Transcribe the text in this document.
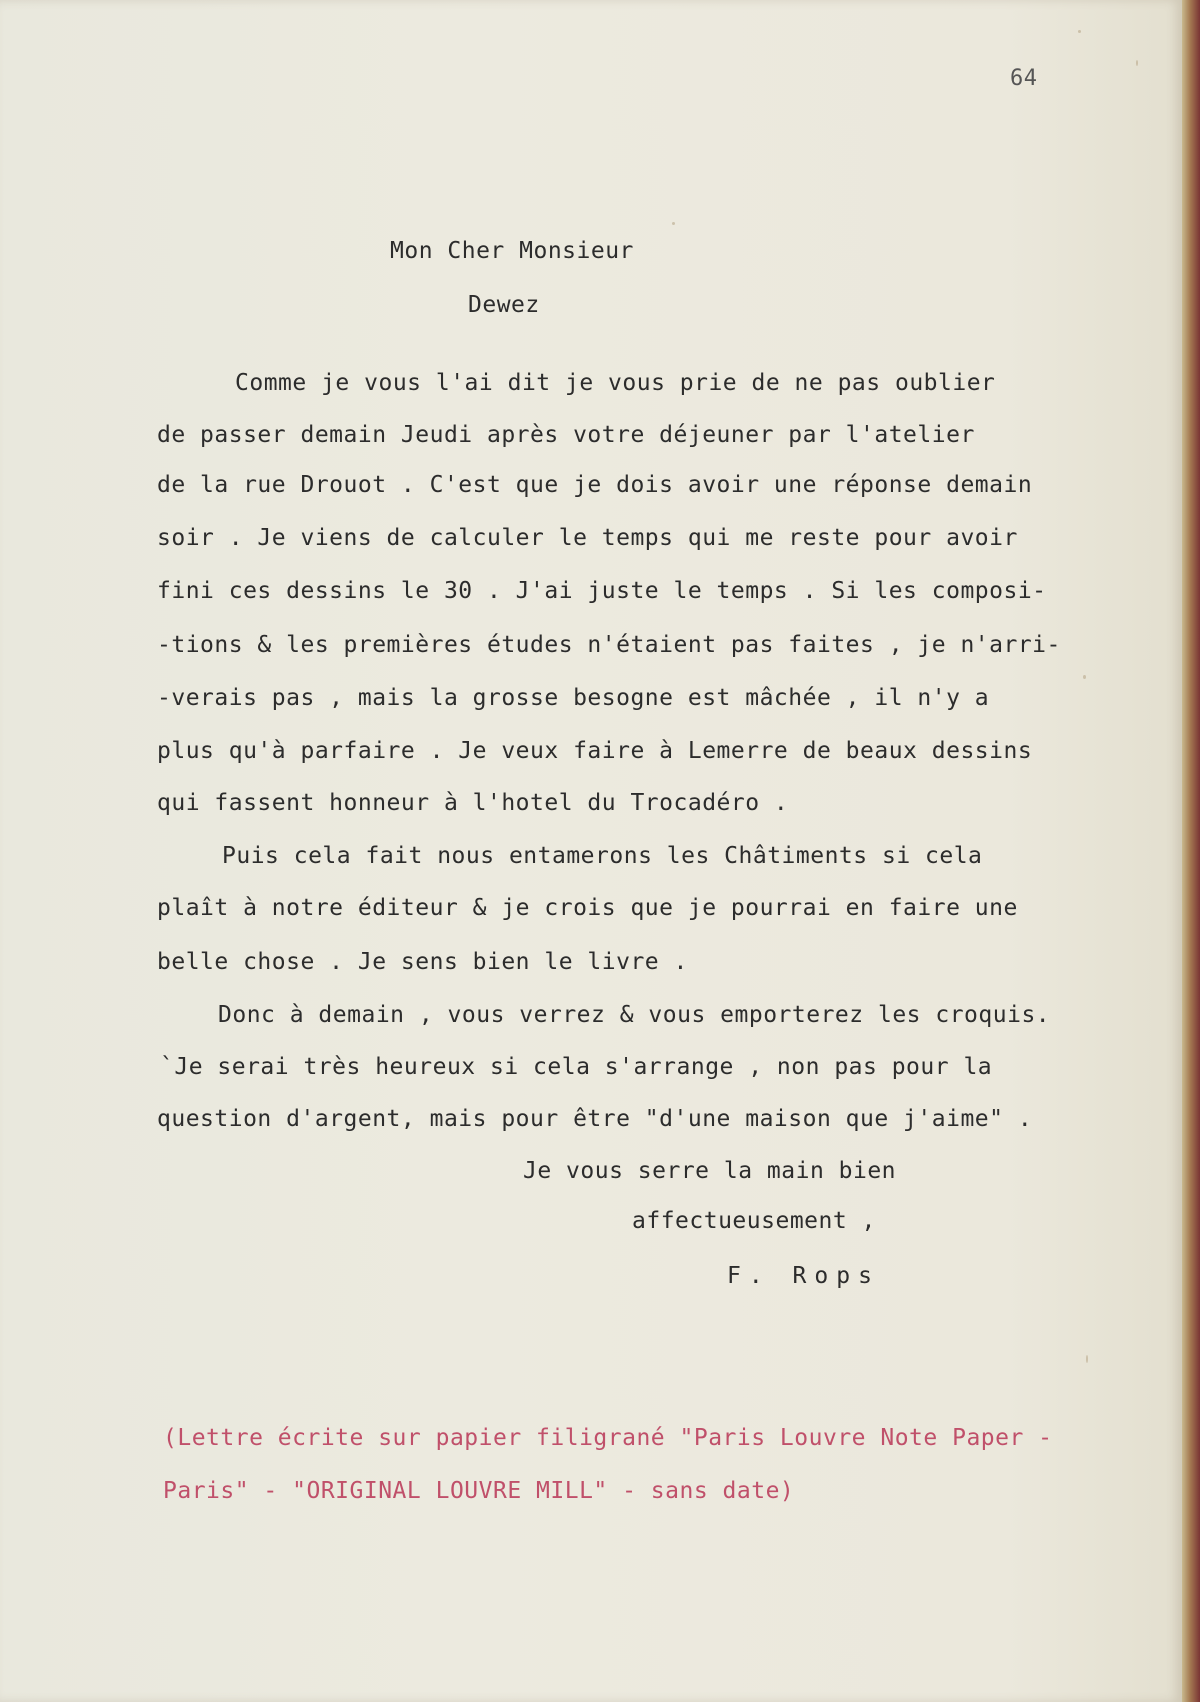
64
Mon Cher Monsieur
Dewez
Comme je vous l'ai dit je vous prie de ne pas oublier
de passer demain Jeudi après votre déjeuner par l'atelier
de la rue Drouot . C'est que je dois avoir une réponse demain
soir . Je viens de calculer le temps qui me reste pour avoir
fini ces dessins le 30 . J'ai juste le temps . Si les composi-
-tions & les premières études n'étaient pas faites , je n'arri-
-verais pas , mais la grosse besogne est mâchée , il n'y a
plus qu'à parfaire . Je veux faire à Lemerre de beaux dessins
qui fassent honneur à l'hotel du Trocadéro .
Puis cela fait nous entamerons les Châtiments si cela
plaît à notre éditeur & je crois que je pourrai en faire une
belle chose . Je sens bien le livre .
Donc à demain , vous verrez & vous emporterez les croquis.
`Je serai très heureux si cela s'arrange , non pas pour la
question d'argent, mais pour être "d'une maison que j'aime" .
Je vous serre la main bien
affectueusement ,
F. Rops
(Lettre écrite sur papier filigrané "Paris Louvre Note Paper -
Paris" - "ORIGINAL LOUVRE MILL" - sans date)
